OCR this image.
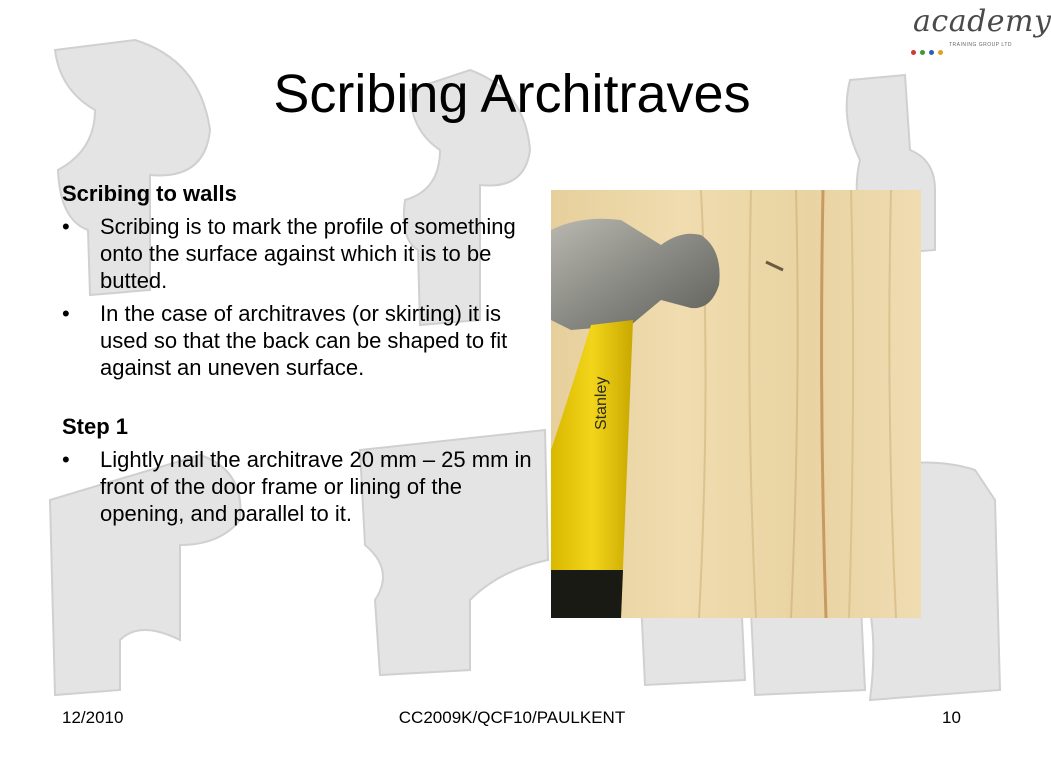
academy
TRAINING GROUP LTD
Scribing Architraves

Scribing to walls

• Scribing is to mark the profile of something onto the surface against which it is to be butted.
• In the case of architraves (or skirting) it is used so that the back can be shaped to fit against an uneven surface.

Step 1

• Lightly nail the architrave 20 mm – 25 mm in front of the door frame or lining of the opening, and parallel to it.
Stanley
12/2010	CC2009K/QCF10/PAULKENT	10
